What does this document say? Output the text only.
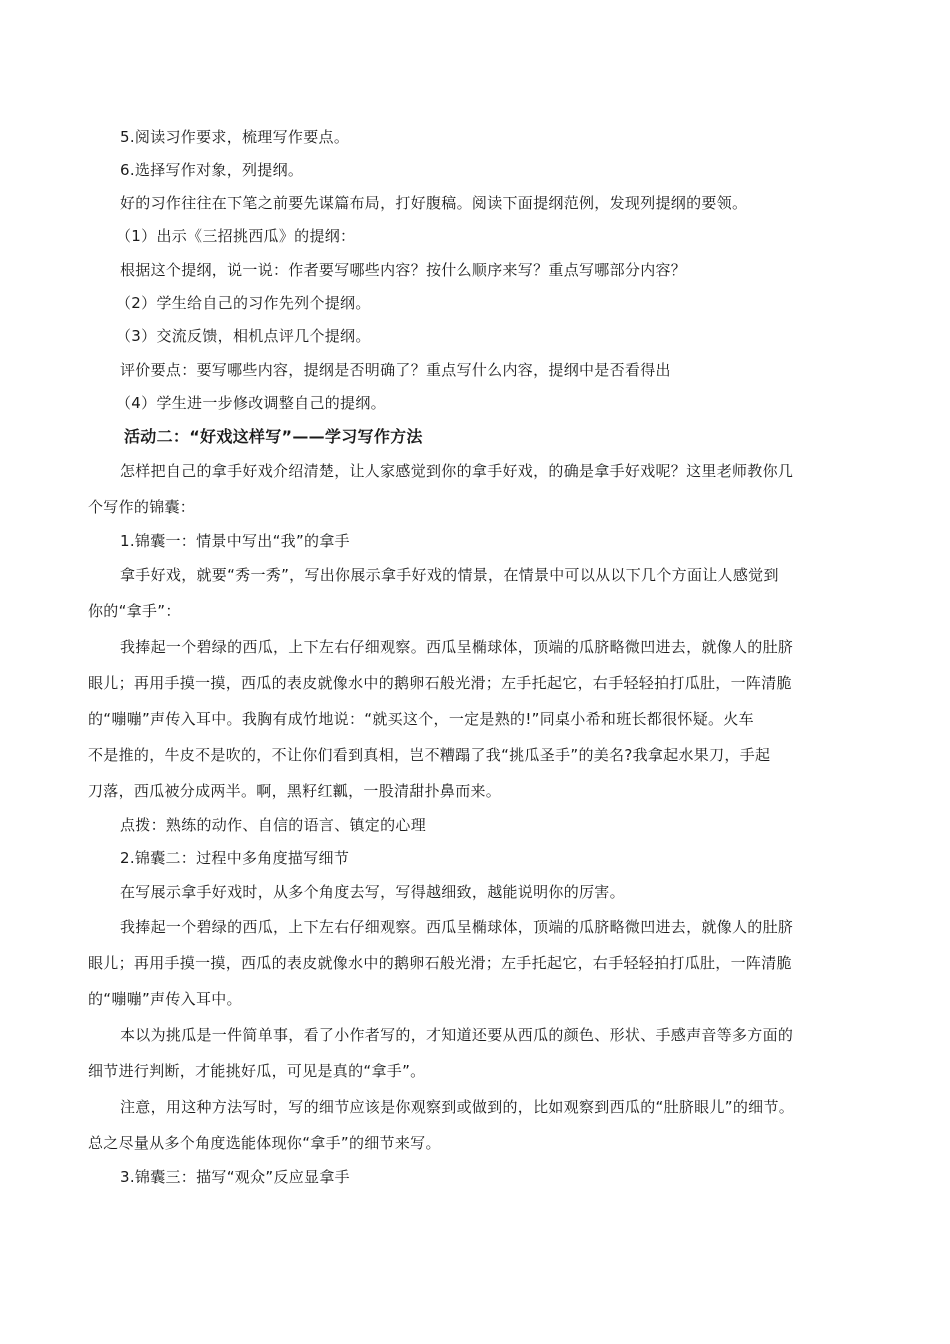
5.阅读习作要求，梳理写作要点。
6.选择写作对象，列提纲。
好的习作往往在下笔之前要先谋篇布局，打好腹稿。阅读下面提纲范例，发现列提纲的要领。
（1）出示《三招挑西瓜》的提纲：
根据这个提纲，说一说：作者要写哪些内容？按什么顺序来写？重点写哪部分内容？
（2）学生给自己的习作先列个提纲。
（3）交流反馈，相机点评几个提纲。
评价要点：要写哪些内容，提纲是否明确了？重点写什么内容，提纲中是否看得出
（4）学生进一步修改调整自己的提纲。
活动二：“好戏这样写”——学习写作方法
怎样把自己的拿手好戏介绍清楚，让人家感觉到你的拿手好戏，的确是拿手好戏呢？这里老师教你几
个写作的锦囊：
1.锦囊一：情景中写出“我”的拿手
拿手好戏，就要“秀一秀”，写出你展示拿手好戏的情景，在情景中可以从以下几个方面让人感觉到
你的“拿手”：
我捧起一个碧绿的西瓜，上下左右仔细观察。西瓜呈椭球体，顶端的瓜脐略微凹进去，就像人的肚脐
眼儿；再用手摸一摸，西瓜的表皮就像水中的鹅卵石般光滑；左手托起它，右手轻轻拍打瓜肚，一阵清脆
的“嘣嘣”声传入耳中。我胸有成竹地说：“就买这个，一定是熟的!”同桌小希和班长都很怀疑。火车
不是推的，牛皮不是吹的，不让你们看到真相，岂不糟蹋了我“挑瓜圣手”的美名?我拿起水果刀，手起
刀落，西瓜被分成两半。啊，黑籽红瓤，一股清甜扑鼻而来。
点拨：熟练的动作、自信的语言、镇定的心理
2.锦囊二：过程中多角度描写细节
在写展示拿手好戏时，从多个角度去写，写得越细致，越能说明你的厉害。
我捧起一个碧绿的西瓜，上下左右仔细观察。西瓜呈椭球体，顶端的瓜脐略微凹进去，就像人的肚脐
眼儿；再用手摸一摸，西瓜的表皮就像水中的鹅卵石般光滑；左手托起它，右手轻轻拍打瓜肚，一阵清脆
的“嘣嘣”声传入耳中。
本以为挑瓜是一件简单事，看了小作者写的，才知道还要从西瓜的颜色、形状、手感声音等多方面的
细节进行判断，才能挑好瓜，可见是真的“拿手”。
注意，用这种方法写时，写的细节应该是你观察到或做到的，比如观察到西瓜的“肚脐眼儿”的细节。
总之尽量从多个角度选能体现你“拿手”的细节来写。
3.锦囊三：描写“观众”反应显拿手
